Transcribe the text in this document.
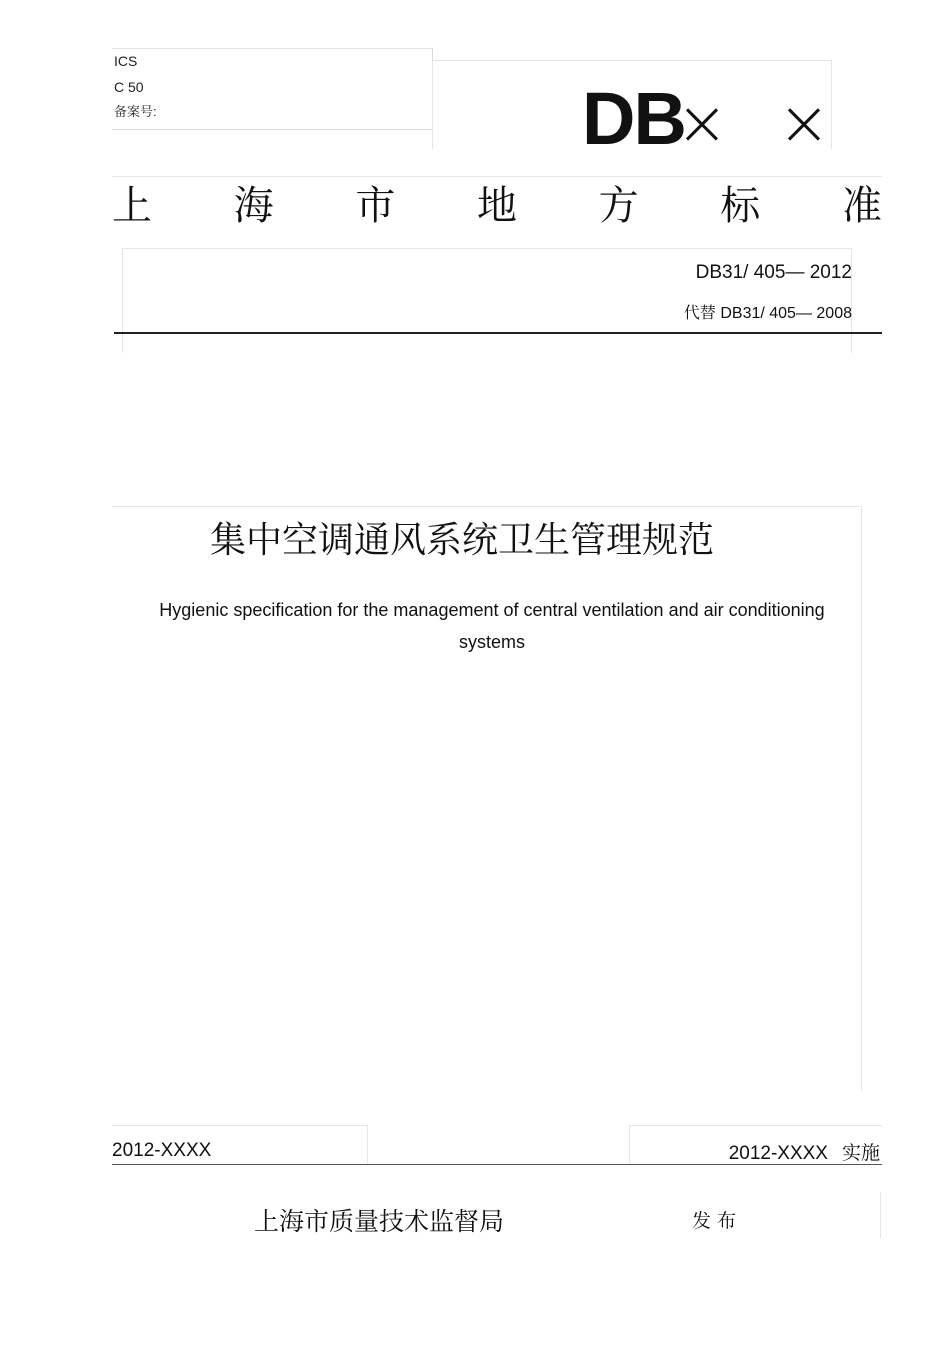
ICS
C 50
备案号:	DB
××
上 海 市 地 方 标 准
DB31/ 405— 2012
代替 DB31/ 405— 2008
集中空调通风系统卫生管理规范
Hygienic specification for the management of central ventilation and air conditioning systems
2012-XXXX	2012-XXXX 实施
上海市质量技术监督局	发布
